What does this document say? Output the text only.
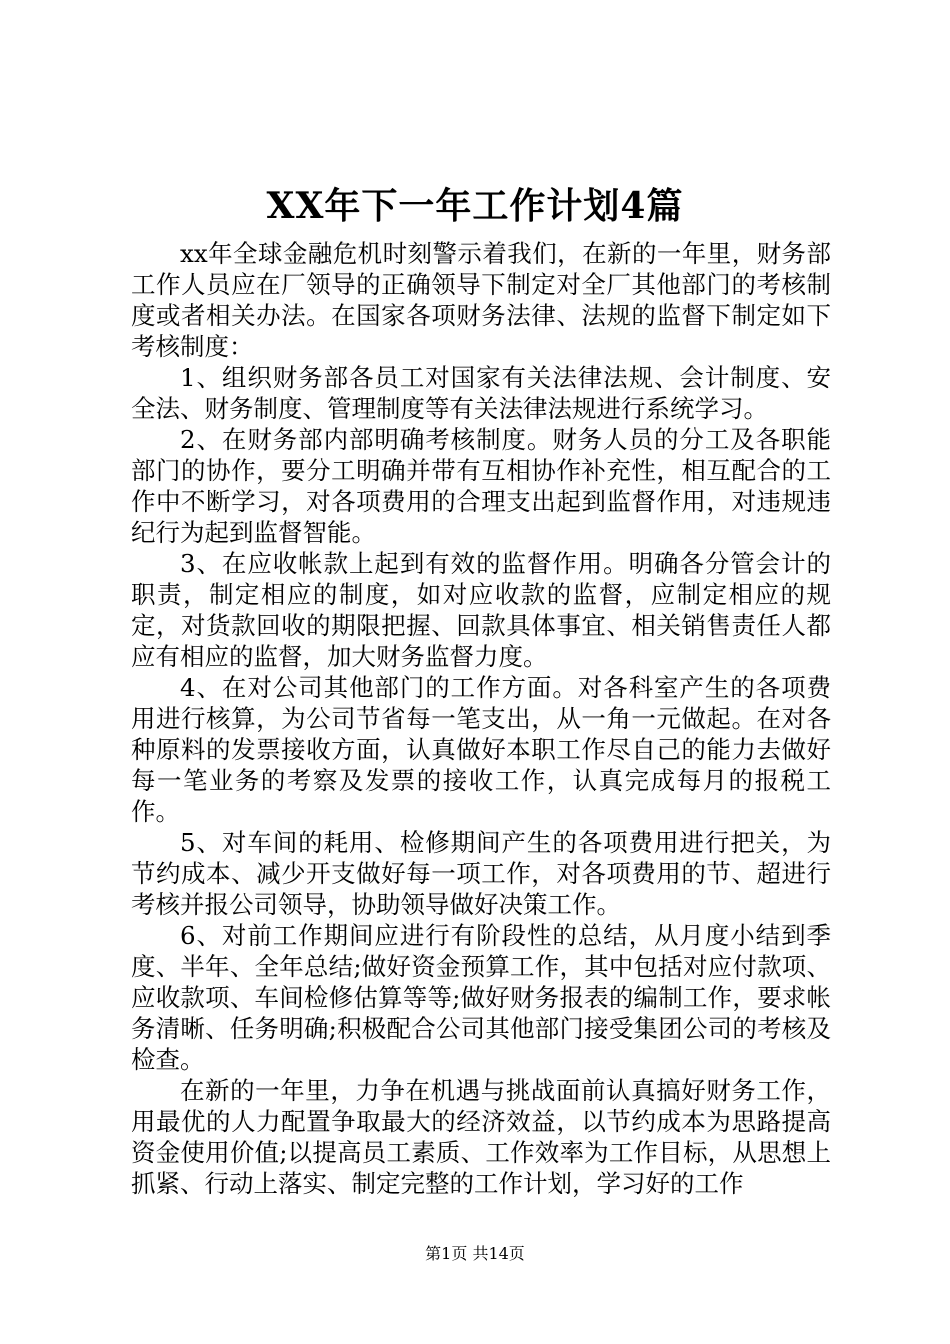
XX年下一年工作计划4篇

xx年全球金融危机时刻警示着我们，在新的一年里，财务部工作人员应在厂领导的正确领导下制定对全厂其他部门的考核制度或者相关办法。在国家各项财务法律、法规的监督下制定如下考核制度：

1、组织财务部各员工对国家有关法律法规、会计制度、安全法、财务制度、管理制度等有关法律法规进行系统学习。

2、在财务部内部明确考核制度。财务人员的分工及各职能部门的协作，要分工明确并带有互相协作补充性，相互配合的工作中不断学习，对各项费用的合理支出起到监督作用，对违规违纪行为起到监督智能。

3、在应收帐款上起到有效的监督作用。明确各分管会计的职责，制定相应的制度，如对应收款的监督，应制定相应的规定，对货款回收的期限把握、回款具体事宜、相关销售责任人都应有相应的监督，加大财务监督力度。

4、在对公司其他部门的工作方面。对各科室产生的各项费用进行核算，为公司节省每一笔支出，从一角一元做起。在对各种原料的发票接收方面，认真做好本职工作尽自己的能力去做好每一笔业务的考察及发票的接收工作，认真完成每月的报税工作。

5、对车间的耗用、检修期间产生的各项费用进行把关，为节约成本、减少开支做好每一项工作，对各项费用的节、超进行考核并报公司领导，协助领导做好决策工作。

6、对前工作期间应进行有阶段性的总结，从月度小结到季度、半年、全年总结;做好资金预算工作，其中包括对应付款项、应收款项、车间检修估算等等;做好财务报表的编制工作，要求帐务清晰、任务明确;积极配合公司其他部门接受集团公司的考核及检查。

在新的一年里，力争在机遇与挑战面前认真搞好财务工作，用最优的人力配置争取最大的经济效益，以节约成本为思路提高资金使用价值;以提高员工素质、工作效率为工作目标，从思想上抓紧、行动上落实、制定完整的工作计划，学习好的工作

第1页 共14页
